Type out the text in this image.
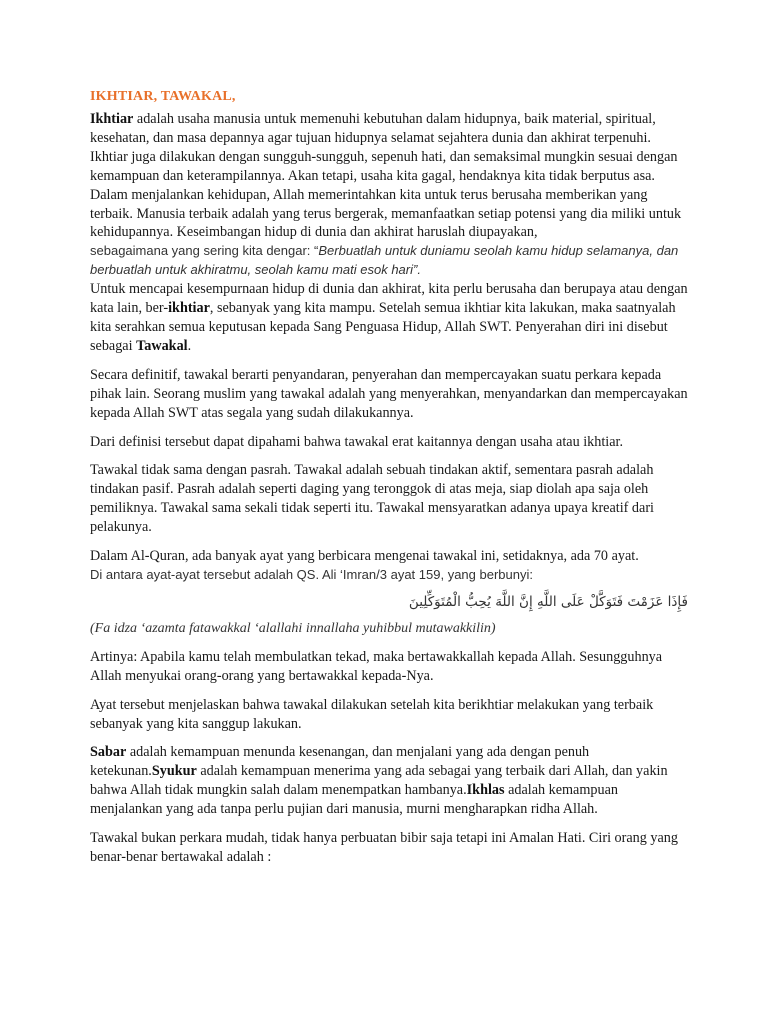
IKHTIAR, TAWAKAL,

Ikhtiar adalah usaha manusia untuk memenuhi kebutuhan dalam hidupnya, baik material, spiritual, kesehatan, dan masa depannya agar tujuan hidupnya selamat sejahtera dunia dan akhirat terpenuhi. Ikhtiar juga dilakukan dengan sungguh-sungguh, sepenuh hati, dan semaksimal mungkin sesuai dengan kemampuan dan keterampilannya. Akan tetapi, usaha kita gagal, hendaknya kita tidak berputus asa.

Dalam menjalankan kehidupan, Allah memerintahkan kita untuk terus berusaha memberikan yang terbaik. Manusia terbaik adalah yang terus bergerak, memanfaatkan setiap potensi yang dia miliki untuk kehidupannya. Keseimbangan hidup di dunia dan akhirat haruslah diupayakan,
sebagaimana yang sering kita dengar: “Berbuatlah untuk duniamu seolah kamu hidup selamanya, dan berbuatlah untuk akhiratmu, seolah kamu mati esok hari”.

Untuk mencapai kesempurnaan hidup di dunia dan akhirat, kita perlu berusaha dan berupaya atau dengan kata lain, ber-ikhtiar, sebanyak yang kita mampu. Setelah semua ikhtiar kita lakukan, maka saatnyalah kita serahkan semua keputusan kepada Sang Penguasa Hidup, Allah SWT. Penyerahan diri ini disebut sebagai Tawakal.

Secara definitif, tawakal berarti penyandaran, penyerahan dan mempercayakan suatu perkara kepada pihak lain. Seorang muslim yang tawakal adalah yang menyerahkan, menyandarkan dan mempercayakan kepada Allah SWT atas segala yang sudah dilakukannya.

Dari definisi tersebut dapat dipahami bahwa tawakal erat kaitannya dengan usaha atau ikhtiar.

Tawakal tidak sama dengan pasrah. Tawakal adalah sebuah tindakan aktif, sementara pasrah adalah tindakan pasif. Pasrah adalah seperti daging yang teronggok di atas meja, siap diolah apa saja oleh pemiliknya. Tawakal sama sekali tidak seperti itu. Tawakal mensyaratkan adanya upaya kreatif dari pelakunya.

Dalam Al-Quran, ada banyak ayat yang berbicara mengenai tawakal ini, setidaknya, ada 70 ayat.
Di antara ayat-ayat tersebut adalah QS. Ali ‘Imran/3 ayat 159, yang berbunyi:

فَإِذَا عَزَمْتَ فَتَوَكَّلْ عَلَى اللَّهِ إِنَّ اللَّهَ يُحِبُّ الْمُتَوَكِّلِينَ

(Fa idza ‘azamta fatawakkal ‘alallahi innallaha yuhibbul mutawakkilin)

Artinya: Apabila kamu telah membulatkan tekad, maka bertawakkallah kepada Allah. Sesungguhnya Allah menyukai orang-orang yang bertawakkal kepada-Nya.

Ayat tersebut menjelaskan bahwa tawakal dilakukan setelah kita berikhtiar melakukan yang terbaik sebanyak yang kita sanggup lakukan.

Sabar adalah kemampuan menunda kesenangan, dan menjalani yang ada dengan penuh ketekunan.Syukur adalah kemampuan menerima yang ada sebagai yang terbaik dari Allah, dan yakin bahwa Allah tidak mungkin salah dalam menempatkan hambanya.Ikhlas adalah kemampuan menjalankan yang ada tanpa perlu pujian dari manusia, murni mengharapkan ridha Allah.

Tawakal bukan perkara mudah, tidak hanya perbuatan bibir saja tetapi ini Amalan Hati. Ciri orang yang benar-benar bertawakal adalah :
